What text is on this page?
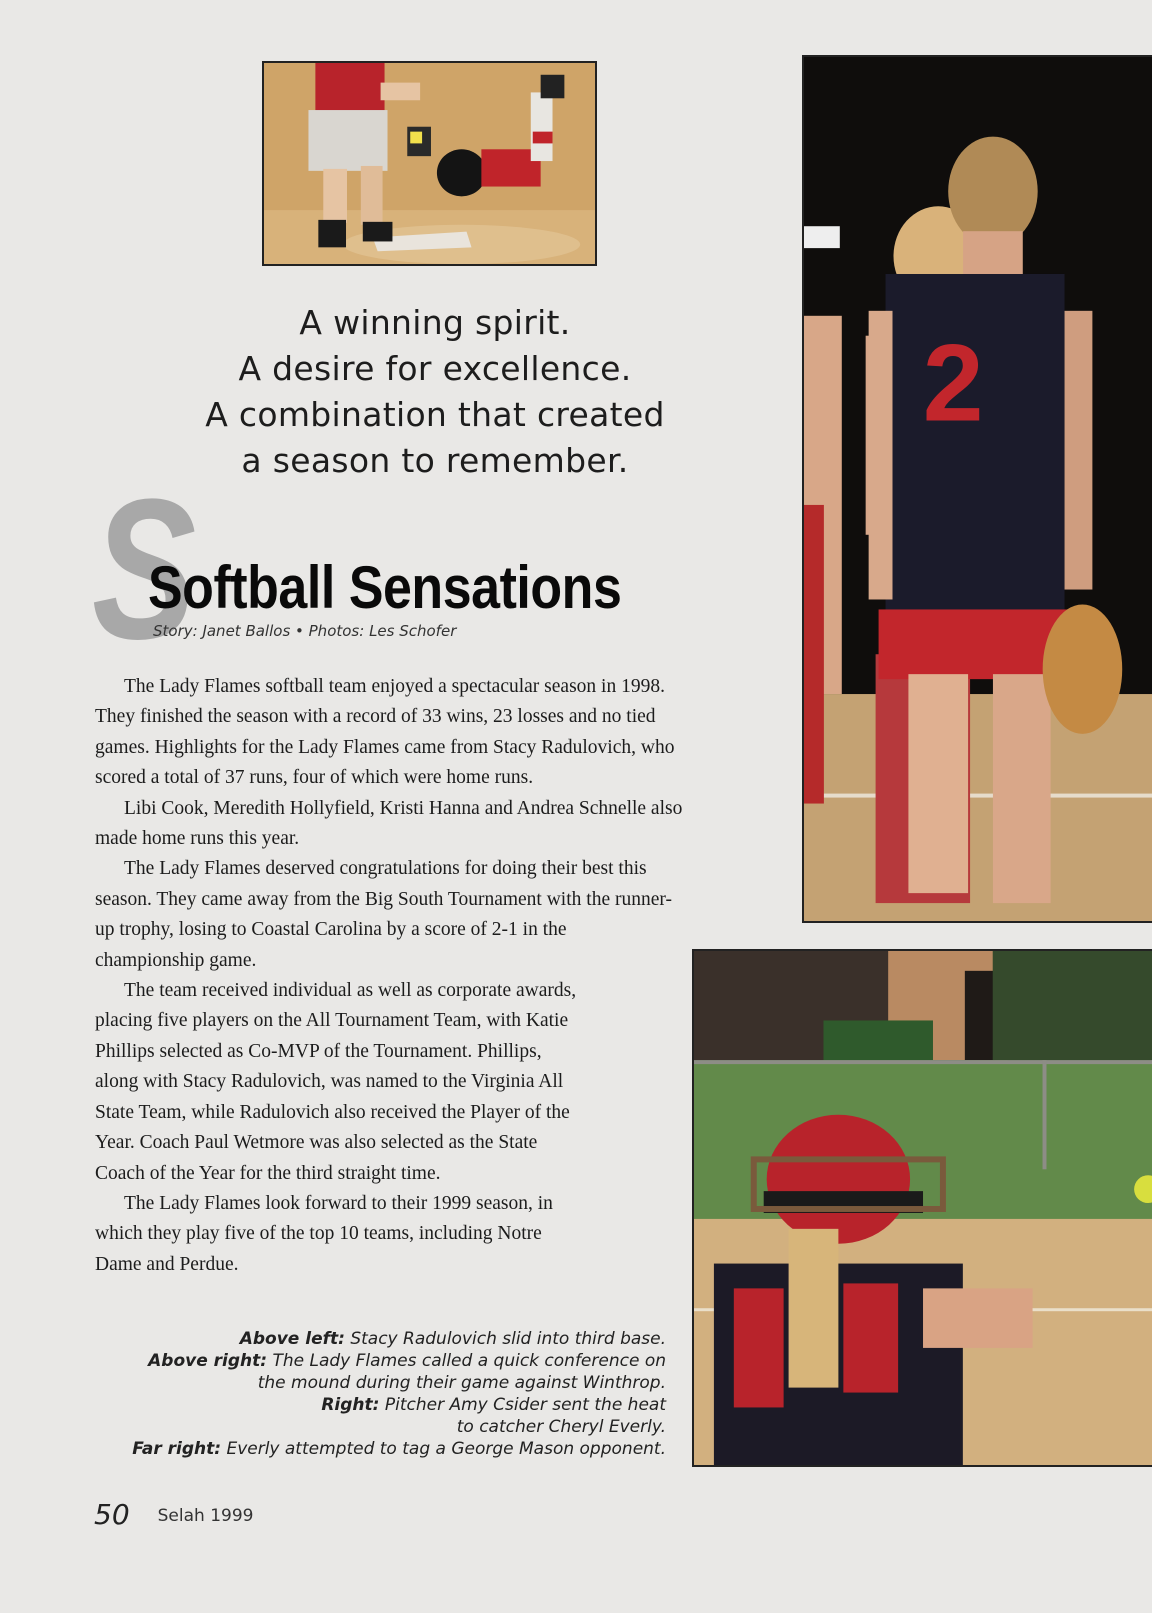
2
A winning spirit.
A desire for excellence.
A combination that created
a season to remember.
S
Softball Sensations
Story: Janet Ballos • Photos: Les Schofer

The Lady Flames softball team enjoyed a spectacular season in 1998.

They finished the season with a record of 33 wins, 23 losses and no tied

games. Highlights for the Lady Flames came from Stacy Radulovich, who

scored a total of 37 runs, four of which were home runs.

Libi Cook, Meredith Hollyfield, Kristi Hanna and Andrea Schnelle also

made home runs this year.

The Lady Flames deserved congratulations for doing their best this

season. They came away from the Big South Tournament with the runner-

up trophy, losing to Coastal Carolina by a score of 2-1 in the

championship game.

The team received individual as well as corporate awards,

placing five players on the All Tournament Team, with Katie

Phillips selected as Co-MVP of the Tournament. Phillips,

along with Stacy Radulovich, was named to the Virginia All

State Team, while Radulovich also received the Player of the

Year. Coach Paul Wetmore was also selected as the State

Coach of the Year for the third straight time.

The Lady Flames look forward to their 1999 season, in

which they play five of the top 10 teams, including Notre

Dame and Perdue.

Above left: Stacy Radulovich slid into third base.
Above right: The Lady Flames called a quick conference on
the mound during their game against Winthrop.
Right: Pitcher Amy Csider sent the heat
to catcher Cheryl Everly.
Far right: Everly attempted to tag a George Mason opponent.
50 Selah 1999
